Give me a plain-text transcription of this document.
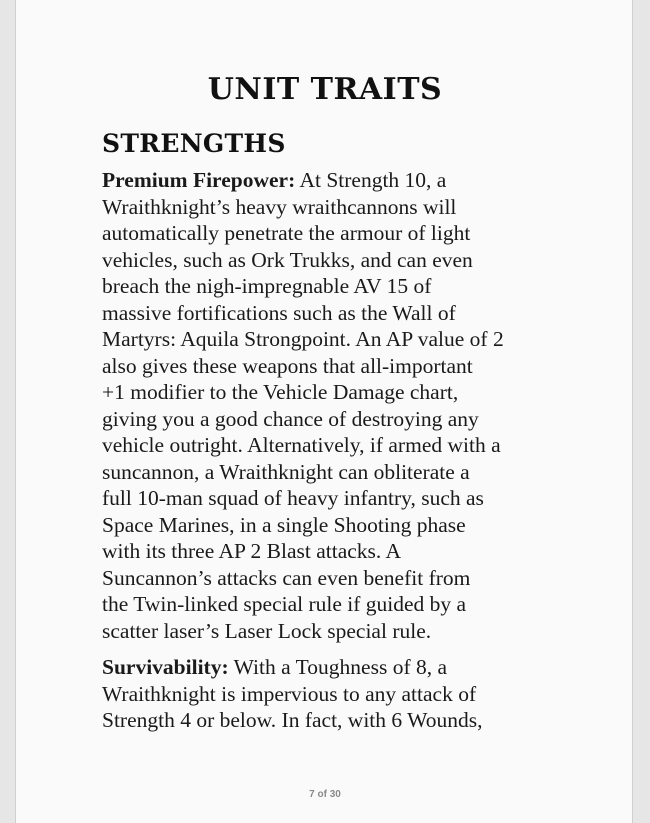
UNIT TRAITS
STRENGTHS

Premium Firepower: At Strength 10, a
Wraithknight’s heavy wraithcannons will
automatically penetrate the armour of light
vehicles, such as Ork Trukks, and can even
breach the nigh-impregnable AV 15 of
massive fortifications such as the Wall of
Martyrs: Aquila Strongpoint. An AP value of 2
also gives these weapons that all-important
+1 modifier to the Vehicle Damage chart,
giving you a good chance of destroying any
vehicle outright. Alternatively, if armed with a
suncannon, a Wraithknight can obliterate a
full 10-man squad of heavy infantry, such as
Space Marines, in a single Shooting phase
with its three AP 2 Blast attacks. A
Suncannon’s attacks can even benefit from
the Twin-linked special rule if guided by a
scatter laser’s Laser Lock special rule.

Survivability: With a Toughness of 8, a
Wraithknight is impervious to any attack of
Strength 4 or below. In fact, with 6 Wounds,

7 of 30
